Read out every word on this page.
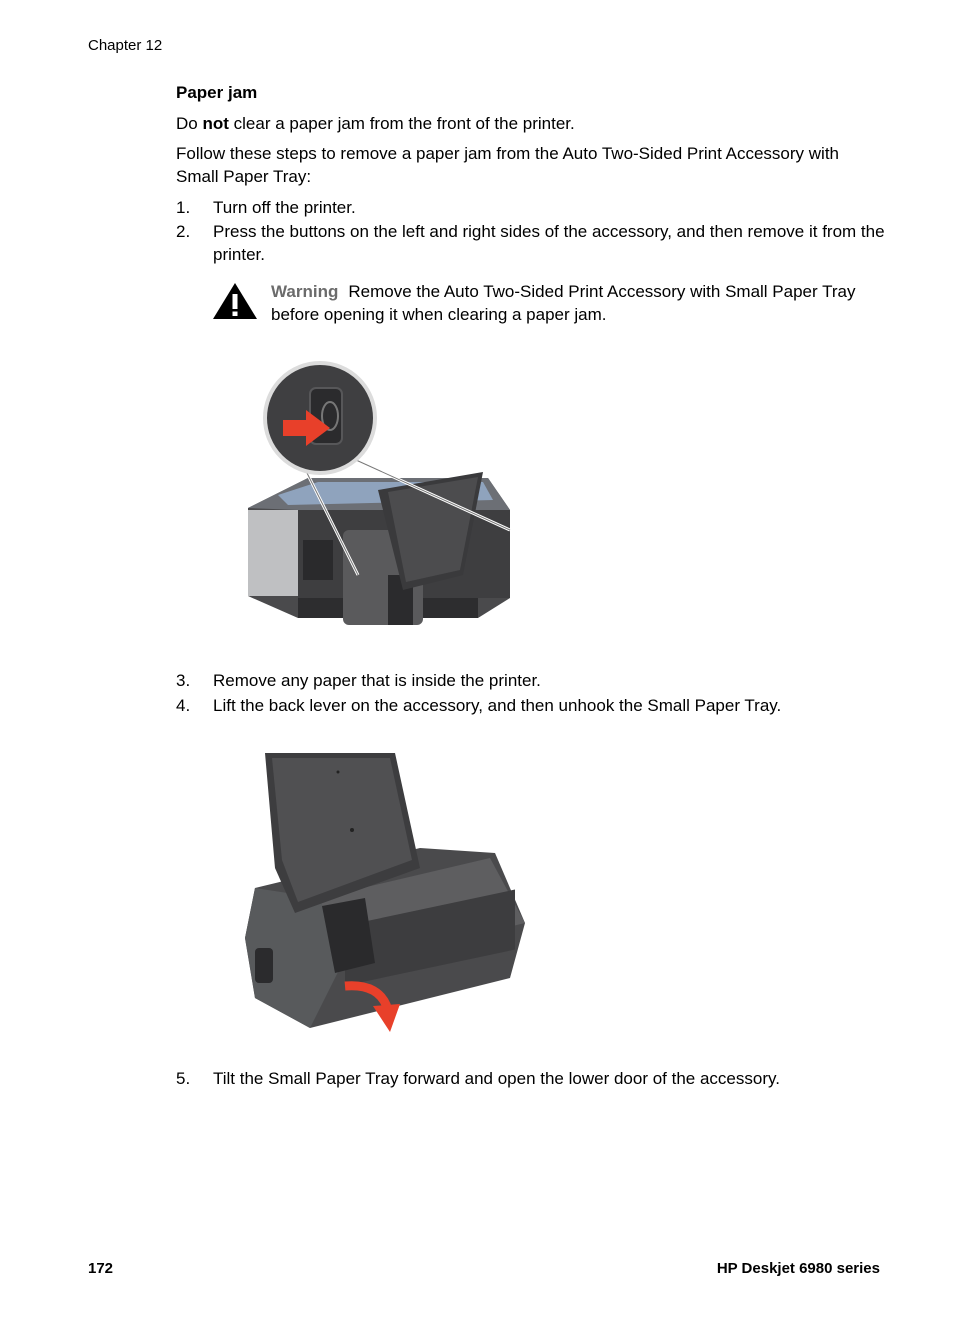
Chapter 12
Paper jam
Do not clear a paper jam from the front of the printer.
Follow these steps to remove a paper jam from the Auto Two-Sided Print Accessory with Small Paper Tray:
1.	Turn off the printer.
2.	Press the buttons on the left and right sides of the accessory, and then remove it from the printer.
Warning Remove the Auto Two-Sided Print Accessory with Small Paper Tray before opening it when clearing a paper jam.
3.	Remove any paper that is inside the printer.
4.	Lift the back lever on the accessory, and then unhook the Small Paper Tray.
5.	Tilt the Small Paper Tray forward and open the lower door of the accessory.
172	HP Deskjet 6980 series
